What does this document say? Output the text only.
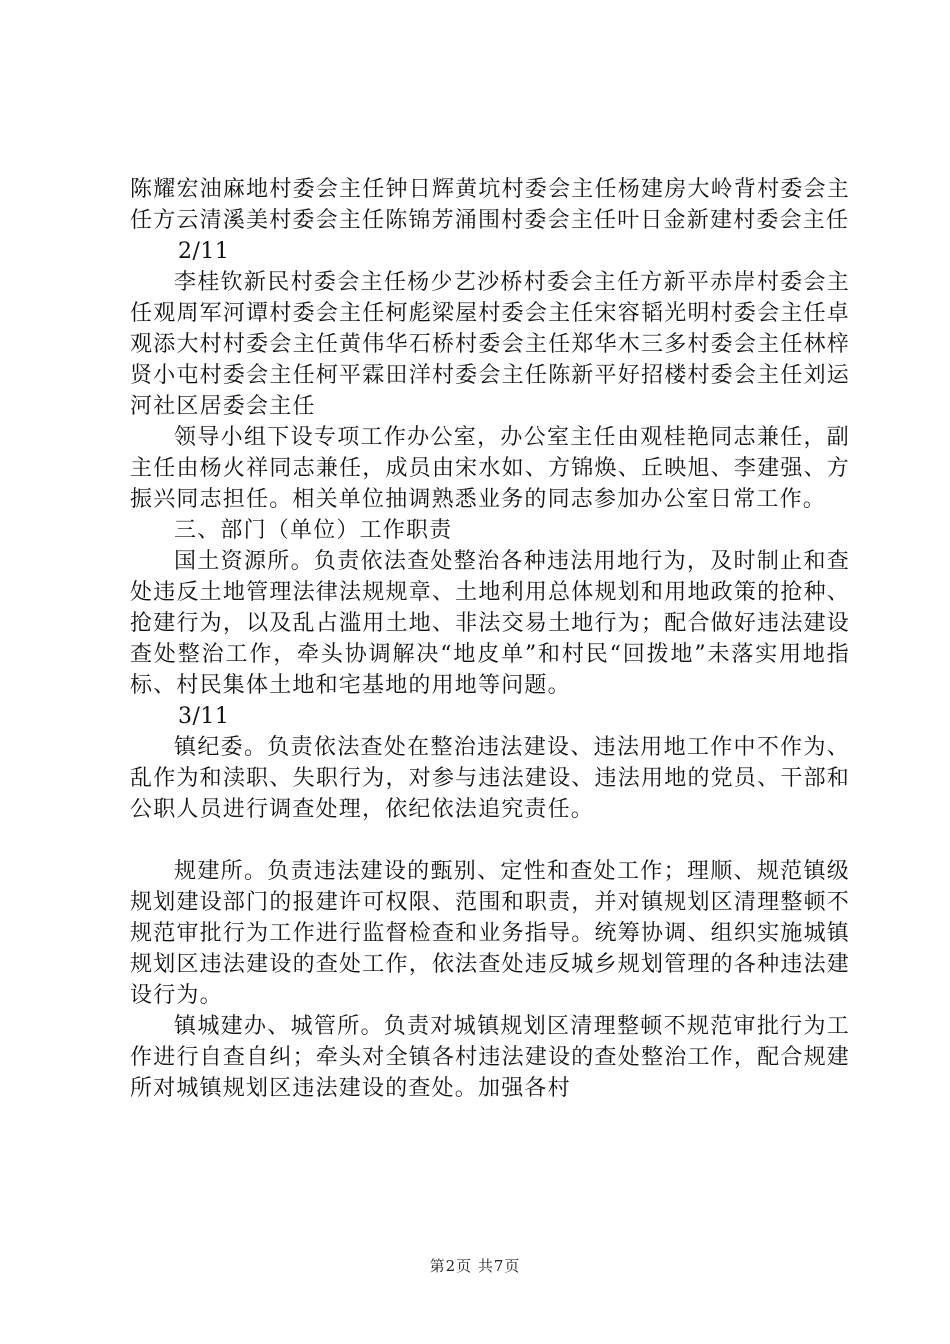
陈耀宏油麻地村委会主任钟日辉黄坑村委会主任杨建房大岭背村委会主任方云清溪美村委会主任陈锦芳涌围村委会主任叶日金新建村委会主任

2/11

李桂钦新民村委会主任杨少艺沙桥村委会主任方新平赤岸村委会主任观周军河谭村委会主任柯彪梁屋村委会主任宋容韬光明村委会主任卓观添大村村委会主任黄伟华石桥村委会主任郑华木三多村委会主任林梓贤小屯村委会主任柯平霖田洋村委会主任陈新平好招楼村委会主任刘运河社区居委会主任

领导小组下设专项工作办公室，办公室主任由观桂艳同志兼任，副主任由杨火祥同志兼任，成员由宋水如、方锦焕、丘映旭、李建强、方振兴同志担任。相关单位抽调熟悉业务的同志参加办公室日常工作。

三、部门（单位）工作职责

国土资源所。负责依法查处整治各种违法用地行为，及时制止和查处违反土地管理法律法规规章、土地利用总体规划和用地政策的抢种、抢建行为，以及乱占滥用土地、非法交易土地行为；配合做好违法建设查处整治工作，牵头协调解决“地皮单”和村民“回拨地”未落实用地指标、村民集体土地和宅基地的用地等问题。

3/11

镇纪委。负责依法查处在整治违法建设、违法用地工作中不作为、乱作为和渎职、失职行为，对参与违法建设、违法用地的党员、干部和公职人员进行调查处理，依纪依法追究责任。

规建所。负责违法建设的甄别、定性和查处工作；理顺、规范镇级规划建设部门的报建许可权限、范围和职责，并对镇规划区清理整顿不规范审批行为工作进行监督检查和业务指导。统筹协调、组织实施城镇规划区违法建设的查处工作，依法查处违反城乡规划管理的各种违法建设行为。

镇城建办、城管所。负责对城镇规划区清理整顿不规范审批行为工作进行自查自纠；牵头对全镇各村违法建设的查处整治工作，配合规建所对城镇规划区违法建设的查处。加强各村

第2页 共7页
